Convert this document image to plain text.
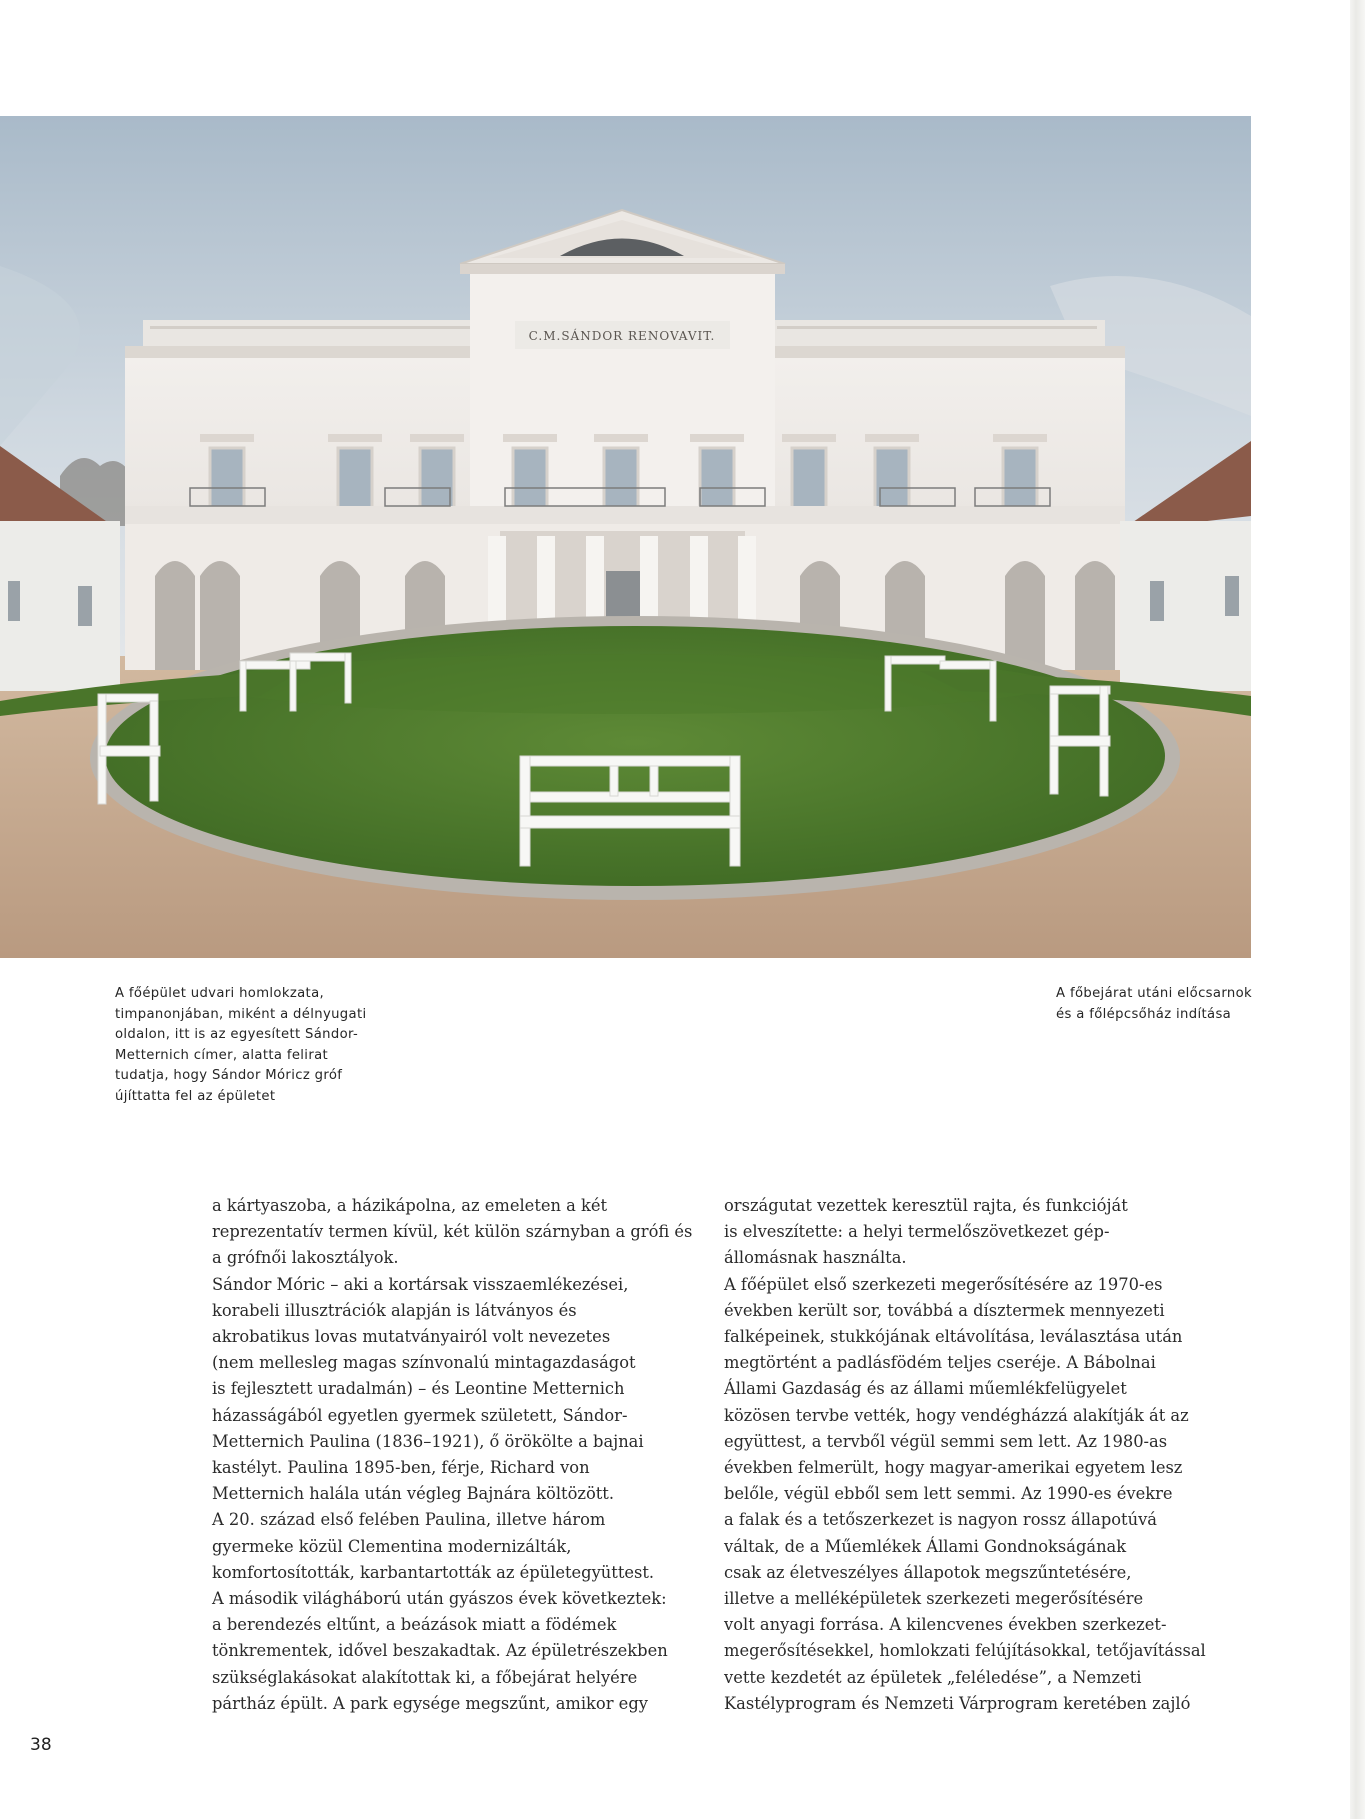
C.M.SÁNDOR RENOVAVIT.
A főépület udvari homlokzata,
timpanonjában, miként a délnyugati
oldalon, itt is az egyesített Sándor-
Metternich címer, alatta felirat
tudatja, hogy Sándor Móricz gróf
újíttatta fel az épületet
A főbejárat utáni előcsarnok
és a főlépcsőház indítása
a kártyaszoba, a házikápolna, az emeleten a két
reprezentatív termen kívül, két külön szárnyban a grófi és
a grófnői lakosztályok.
Sándor Móric – aki a kortársak visszaemlékezései,
korabeli illusztrációk alapján is látványos és
akrobatikus lovas mutatványairól volt nevezetes
(nem mellesleg magas színvonalú mintagazdaságot
is fejlesztett uradalmán) – és Leontine Metternich
házasságából egyetlen gyermek született, Sándor-
Metternich Paulina (1836–1921), ő örökölte a bajnai
kastélyt. Paulina 1895-ben, férje, Richard von
Metternich halála után végleg Bajnára költözött.
A 20. század első felében Paulina, illetve három
gyermeke közül Clementina modernizálták,
komfortosították, karbantartották az épületegyüttest.
A második világháború után gyászos évek következtek:
a berendezés eltűnt, a beázások miatt a födémek
tönkrementek, idővel beszakadtak. Az épületrészekben
szükséglakásokat alakítottak ki, a főbejárat helyére
pártház épült. A park egysége megszűnt, amikor egy
országutat vezettek keresztül rajta, és funkcióját
is elveszítette: a helyi termelőszövetkezet gép-
állomásnak használta.
A főépület első szerkezeti megerősítésére az 1970-es
években került sor, továbbá a dísztermek mennyezeti
falképeinek, stukkójának eltávolítása, leválasztása után
megtörtént a padlásfödém teljes cseréje. A Bábolnai
Állami Gazdaság és az állami műemlékfelügyelet
közösen tervbe vették, hogy vendégházzá alakítják át az
együttest, a tervből végül semmi sem lett. Az 1980-as
években felmerült, hogy magyar-amerikai egyetem lesz
belőle, végül ebből sem lett semmi. Az 1990-es évekre
a falak és a tetőszerkezet is nagyon rossz állapotúvá
váltak, de a Műemlékek Állami Gondnokságának
csak az életveszélyes állapotok megszűntetésére,
illetve a melléképületek szerkezeti megerősítésére
volt anyagi forrása. A kilencvenes években szerkezet-
megerősítésekkel, homlokzati felújításokkal, tetőjavítással
vette kezdetét az épületek „feléledése”, a Nemzeti
Kastélyprogram és Nemzeti Várprogram keretében zajló
38
